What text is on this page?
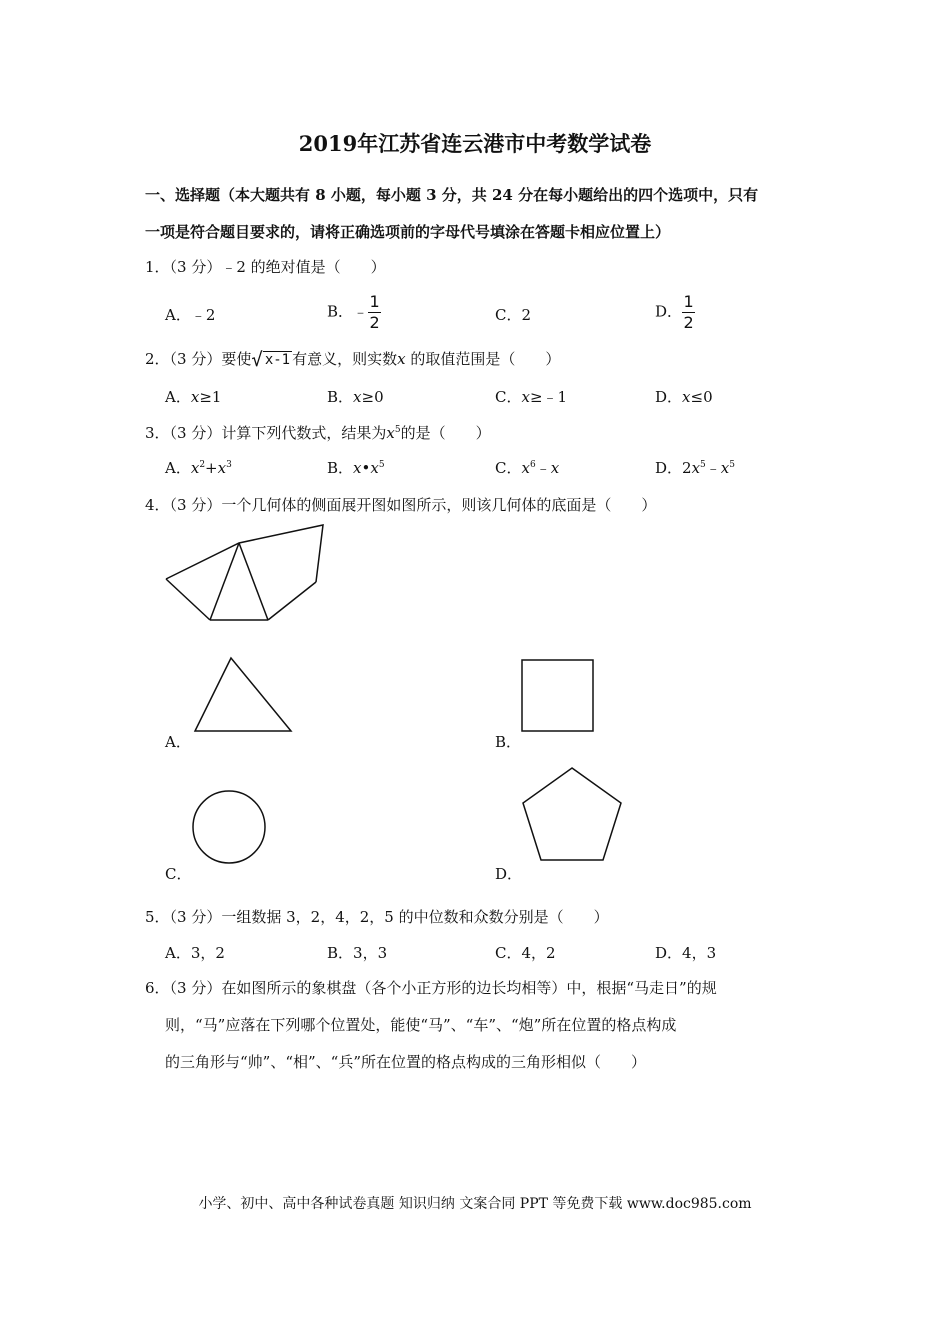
2019年江苏省连云港市中考数学试卷
一、选择题（本大题共有 8 小题，每小题 3 分，共 24 分在每小题给出的四个选项中，只有
一项是符合题目要求的，请将正确选项前的字母代号填涂在答题卡相应位置上）
1．（3 分）﹣2 的绝对值是（　　）
A．﹣2	B．﹣ $\frac{1}{2}$	C．2	D． $\frac{1}{2}$
2．（3 分）要使 √ x-1 有意义，则实数x 的取值范围是（　　）
A．x≥1	B．x≥0	C．x≥﹣1	D．x≤0
3．（3 分）计算下列代数式，结果为$x^5$的是（　　）
A．$x^2+x^3$	B．$x•x^5$	C．$x^6﹣x$	D．$2x^5﹣x^5$
4．（3 分）一个几何体的侧面展开图如图所示，则该几何体的底面是（　　）
A．	B．
C．	D．
5．（3 分）一组数据 3，2，4，2，5 的中位数和众数分别是（　　）
A．3，2	B．3，3	C．4，2	D．4，3
6．（3 分）在如图所示的象棋盘（各个小正方形的边长均相等）中，根据“马走日”的规
则，“马”应落在下列哪个位置处，能使“马”、“车”、“炮”所在位置的格点构成
的三角形与“帅”、“相”、“兵”所在位置的格点构成的三角形相似（　　）
小学、初中、高中各种试卷真题 知识归纳 文案合同 PPT 等免费下载 www.doc985.com
